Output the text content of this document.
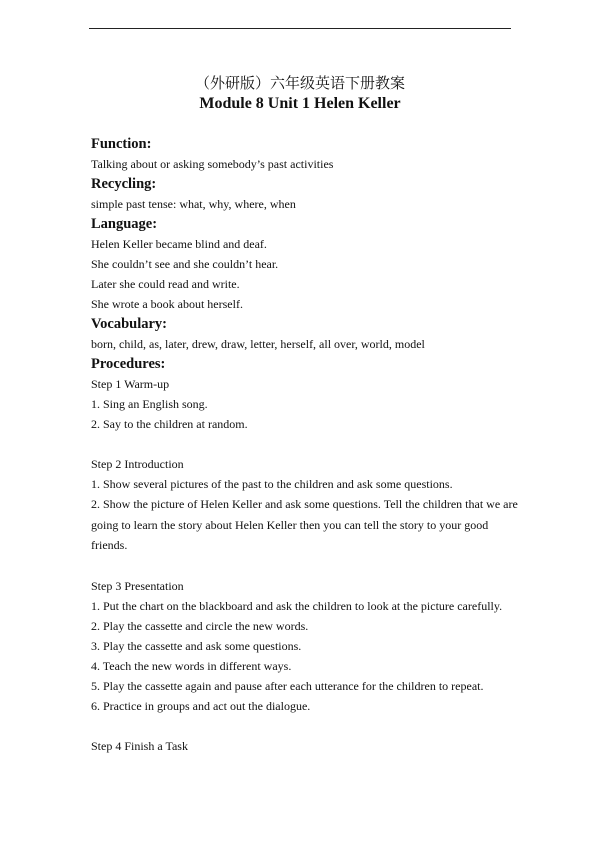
（外研版）六年级英语下册教案
Module 8 Unit 1 Helen Keller

Function:

Talking about or asking somebody’s past activities

Recycling:

simple past tense: what, why, where, when

Language:

Helen Keller became blind and deaf.

She couldn’t see and she couldn’t hear.

Later she could read and write.

She wrote a book about herself.

Vocabulary:

born, child, as, later, drew, draw, letter, herself, all over, world, model

Procedures:

Step 1 Warm-up

1. Sing an English song.

2. Say to the children at random.

Step 2 Introduction

1. Show several pictures of the past to the children and ask some questions.

2. Show the picture of Helen Keller and ask some questions. Tell the children that we are going to learn the story about Helen Keller then you can tell the story to your good friends.

Step 3 Presentation

1. Put the chart on the blackboard and ask the children to look at the picture carefully.

2. Play the cassette and circle the new words.

3. Play the cassette and ask some questions.

4. Teach the new words in different ways.

5. Play the cassette again and pause after each utterance for the children to repeat.

6. Practice in groups and act out the dialogue.

Step 4 Finish a Task
